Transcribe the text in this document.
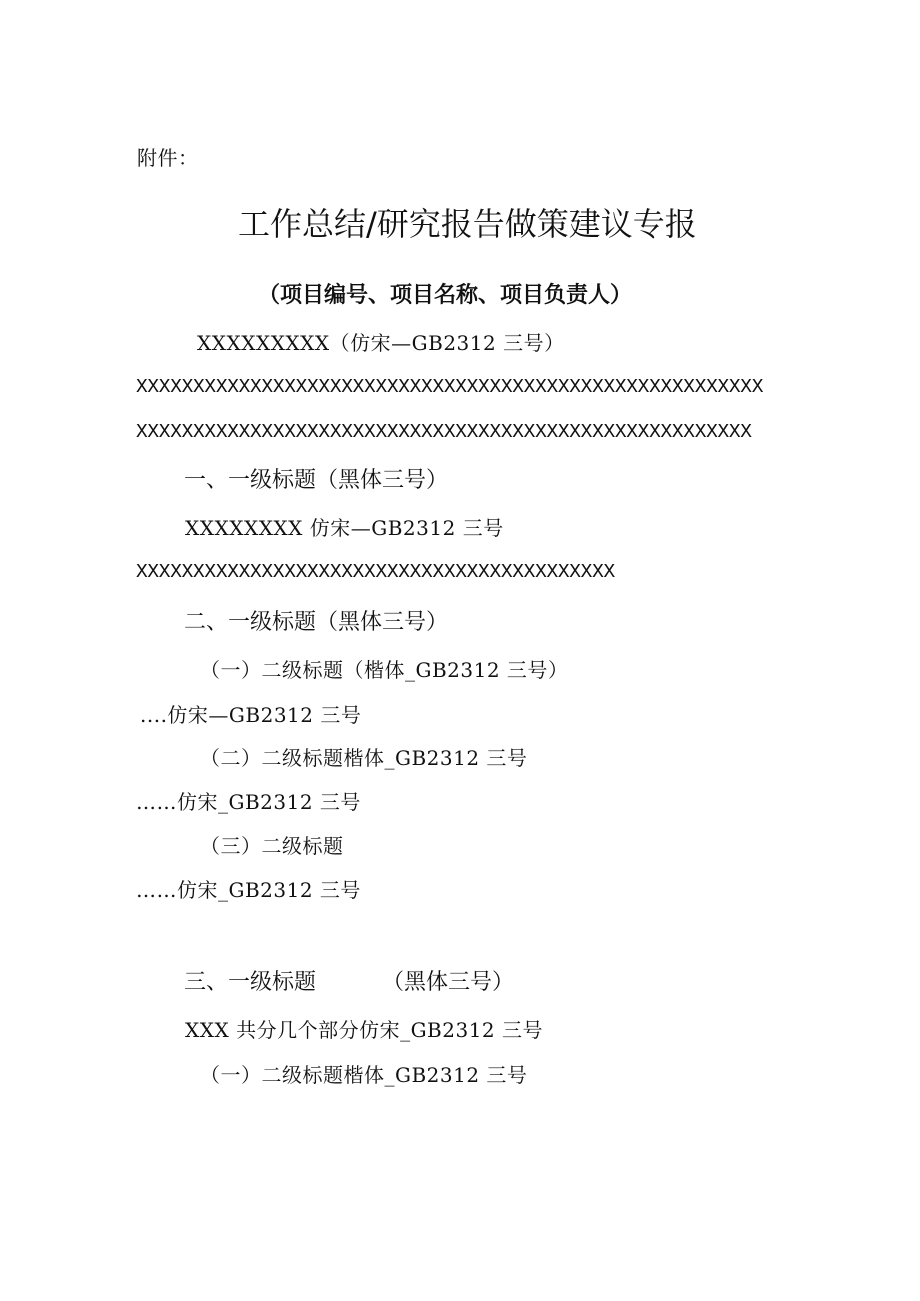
附件：
工作总结/研究报告做策建议专报
（项目编号、项目名称、项目负责人）
XXXXXXXXX（仿宋—GB2312 三号）
XXXXXXXXXXXXXXXXXXXXXXXXXXXXXXXXXXXXXXXXXXXXXXXXXXXXXXX
XXXXXXXXXXXXXXXXXXXXXXXXXXXXXXXXXXXXXXXXXXXXXXXXXXXXXX
一、一级标题（黑体三号）
XXXXXXXX 仿宋—GB2312 三号
XXXXXXXXXXXXXXXXXXXXXXXXXXXXXXXXXXXXXXXXXX
二、一级标题（黑体三号）
（一）二级标题（楷体_GB2312 三号）
....仿宋—GB2312 三号
（二）二级标题楷体_GB2312 三号
……仿宋_GB2312 三号
（三）二级标题
……仿宋_GB2312 三号
三、一级标题	（黑体三号）
XXX 共分几个部分仿宋_GB2312 三号
（一）二级标题楷体_GB2312 三号
